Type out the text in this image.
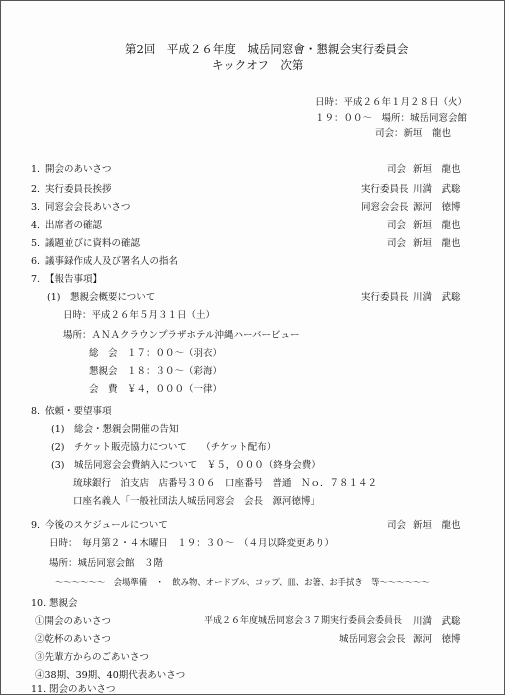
第2回　平成２６年度　城岳同窓會・懇親会実行委員会
キックオフ　次第
日時：平成２６年１月２８日（火）
１９：００～　場所：城岳同窓会館
司会：新垣　龍也
1. 開会のあいさつ	司会 新垣　龍也
2. 実行委員長挨拶	実行委員長 川満　武聡
3. 同窓会会長あいさつ	同窓会会長 源河　徳博
4. 出席者の確認	司会 新垣　龍也
5. 議題並びに資料の確認	司会 新垣　龍也
6. 議事録作成人及び署名人の指名
7. 【報告事項】
(1)　懇親会概要について	実行委員長 川満　武聡
日時：平成２６年５月３１日（土）
場所：ＡＮＡクラウンプラザホテル沖縄ハーバービュー
総　会　１７：００～（羽衣）
懇親会　１８：３０～（彩海）
会　費　￥４，０００（一律）
8. 依頼・要望事項
(1)　総会・懇親会開催の告知
(2)　チケット販売協力について　　（チケット配布）
(3)　城岳同窓会会費納入について　￥５，０００（終身会費）
琉球銀行　泊支店　店番号３０６　口座番号　普通　Ｎｏ．７８１４２
口座名義人「一般社団法人城岳同窓会　会長　源河徳博」
9. 今後のスケジュールについて	司会 新垣　龍也
日時：　毎月第２・４木曜日　１９：３０～　（４月以降変更あり）
場所：城岳同窓会館　３階
～～～～～～　会場準備　・　飲み物、オードブル、コップ、皿、お箸、お手拭き　等～～～～～～
10. 懇親会
①開会のあいさつ	平成２６年度城岳同窓会３７期実行委員会委員長 川満　武聡
②乾杯のあいさつ	城岳同窓会会長 源河　徳博
③先輩方からのごあいさつ
④38期、39期、40期代表あいさつ
11. 閉会のあいさつ
